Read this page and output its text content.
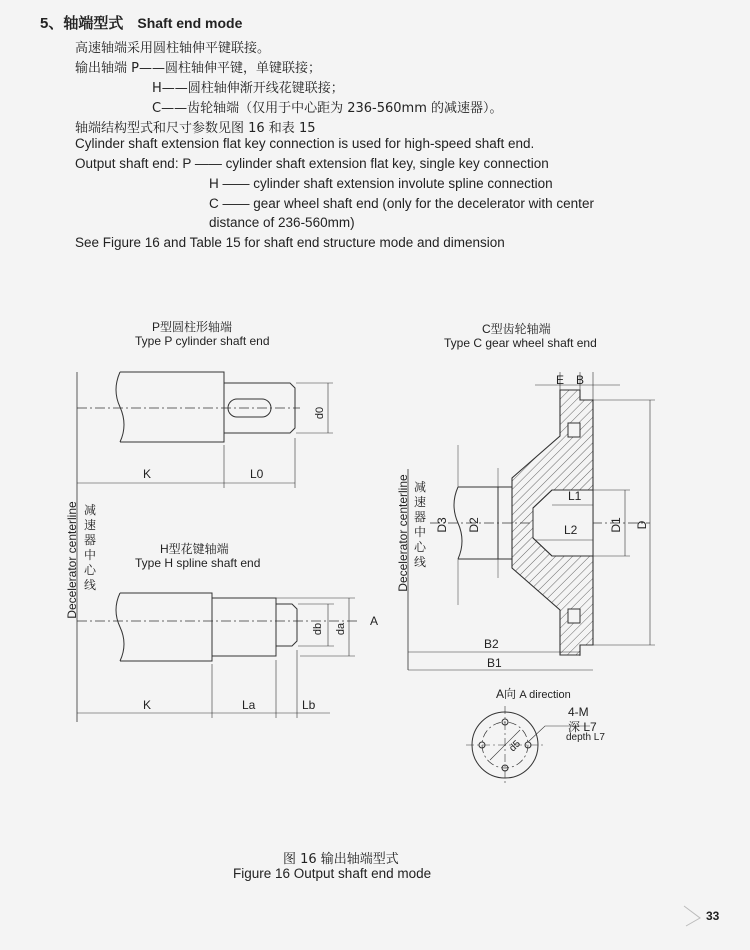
5、轴端型式 Shaft end mode
高速轴端采用圆柱轴伸平键联接。
输出轴端 P——圆柱轴伸平键，单键联接；
H——圆柱轴伸渐开线花键联接；
C——齿轮轴端（仅用于中心距为 236-560mm 的减速器）。
轴端结构型式和尺寸参数见图 16 和表 15
Cylinder shaft extension flat key connection is used for high-speed shaft end.
Output shaft end: P —— cylinder shaft extension flat key, single key connection
H —— cylinder shaft extension involute spline connection
C —— gear wheel shaft end (only for the decelerator with center
distance of 236-560mm)
See Figure 16 and Table 15 for shaft end structure mode and dimension
P型圆柱形轴端
Type P cylinder shaft end
C型齿轮轴端
Type C gear wheel shaft end
H型花键轴端
Type H spline shaft end
K	L0
d0
K	La	Lb
db da
A
Decelerator centerline
E B
L1
L2	D1 D
D2
D3
B2
B1
Decelerator centerline
d5
33
减速器中心线
减速器中心线
A向 A direction
4-M
深 L7
depth L7
图 16 输出轴端型式
Figure 16 Output shaft end mode
